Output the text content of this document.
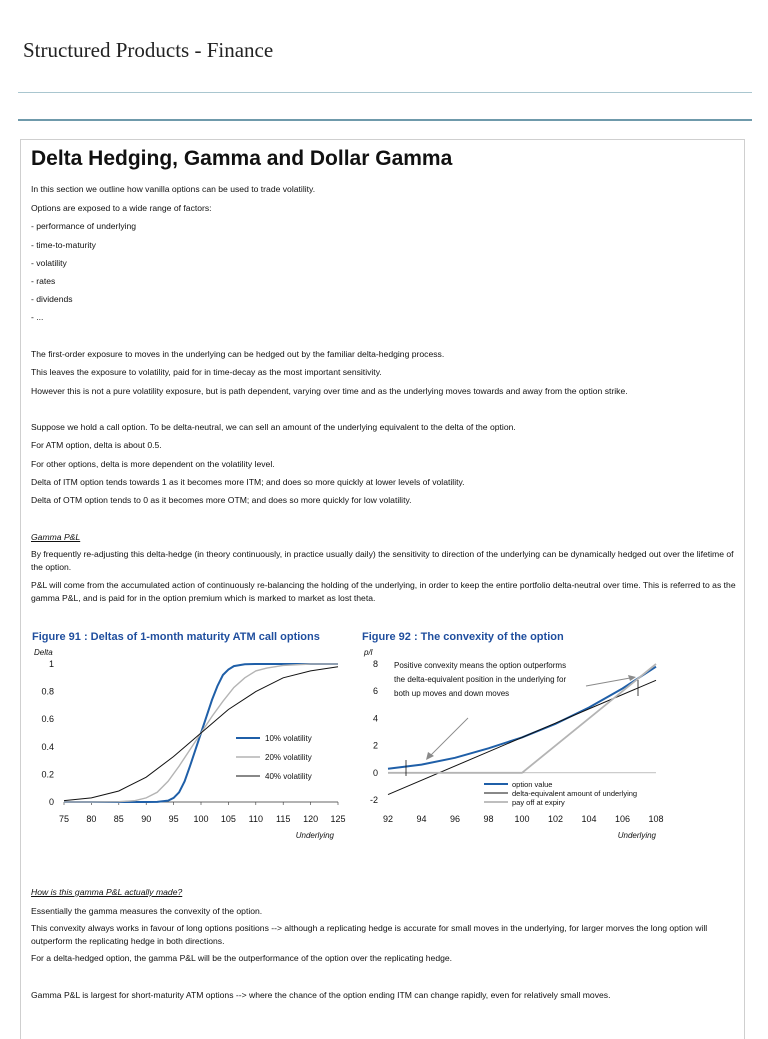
Structured Products - Finance
Delta Hedging, Gamma and Dollar Gamma
In this section we outline how vanilla options can be used to trade volatility.
Options are exposed to a wide range of factors:
- performance of underlying
- time-to-maturity
- volatility
- rates
- dividends
- ...
The first-order exposure to moves in the underlying can be hedged out by the familiar delta-hedging process.
This leaves the exposure to volatility, paid for in time-decay as the most important sensitivity.
However this is not a pure volatility exposure, but is path dependent, varying over time and as the underlying moves towards and away from the option strike.
Suppose we hold a call option. To be delta-neutral, we can sell an amount of the underlying equivalent to the delta of the option.
For ATM option, delta is about 0.5.
For other options, delta is more dependent on the volatility level.
Delta of ITM option tends towards 1 as it becomes more ITM; and does so more quickly at lower levels of volatility.
Delta of OTM option tends to 0 as it becomes more OTM; and does so more quickly for low volatility.
Gamma P&L
By frequently re-adjusting this delta-hedge (in theory continuously, in practice usually daily) the sensitivity to direction of the underlying can be dynamically hedged out over the lifetime of the option.
P&L will come from the accumulated action of continuously re-balancing the holding of the underlying, in order to keep the entire portfolio delta-neutral over time. This is referred to as the gamma P&L, and is paid for in the option premium which is marked to market as lost theta.
Figure 91 : Deltas of 1-month maturity ATM call options
Delta
1
0.8
0.6
0.4
0.2
0
75 80 85 90 95 100 105 110 115 120 125
Underlying
10% volatility
20% volatility
40% volatility
Figure 92 : The convexity of the option
p/l
8
6
4
2
0
-2
92	94	96	98 100 102 104 106 108
Underlying
option value
delta-equivalent amount of underlying
pay off at expiry
Positive convexity means the option outperforms
the delta-equivalent position in the underlying for
both up moves and down moves
How is this gamma P&L actually made?
Essentially the gamma measures the convexity of the option.
This convexity always works in favour of long options positions --> although a replicating hedge is accurate for small moves in the underlying, for larger morves the long option will outperform the replicating hedge in both directions.
For a delta-hedged option, the gamma P&L will be the outperformance of the option over the replicating hedge.
Gamma P&L is largest for short-maturity ATM options --> where the chance of the option ending ITM can change rapidly, even for relatively small moves.
